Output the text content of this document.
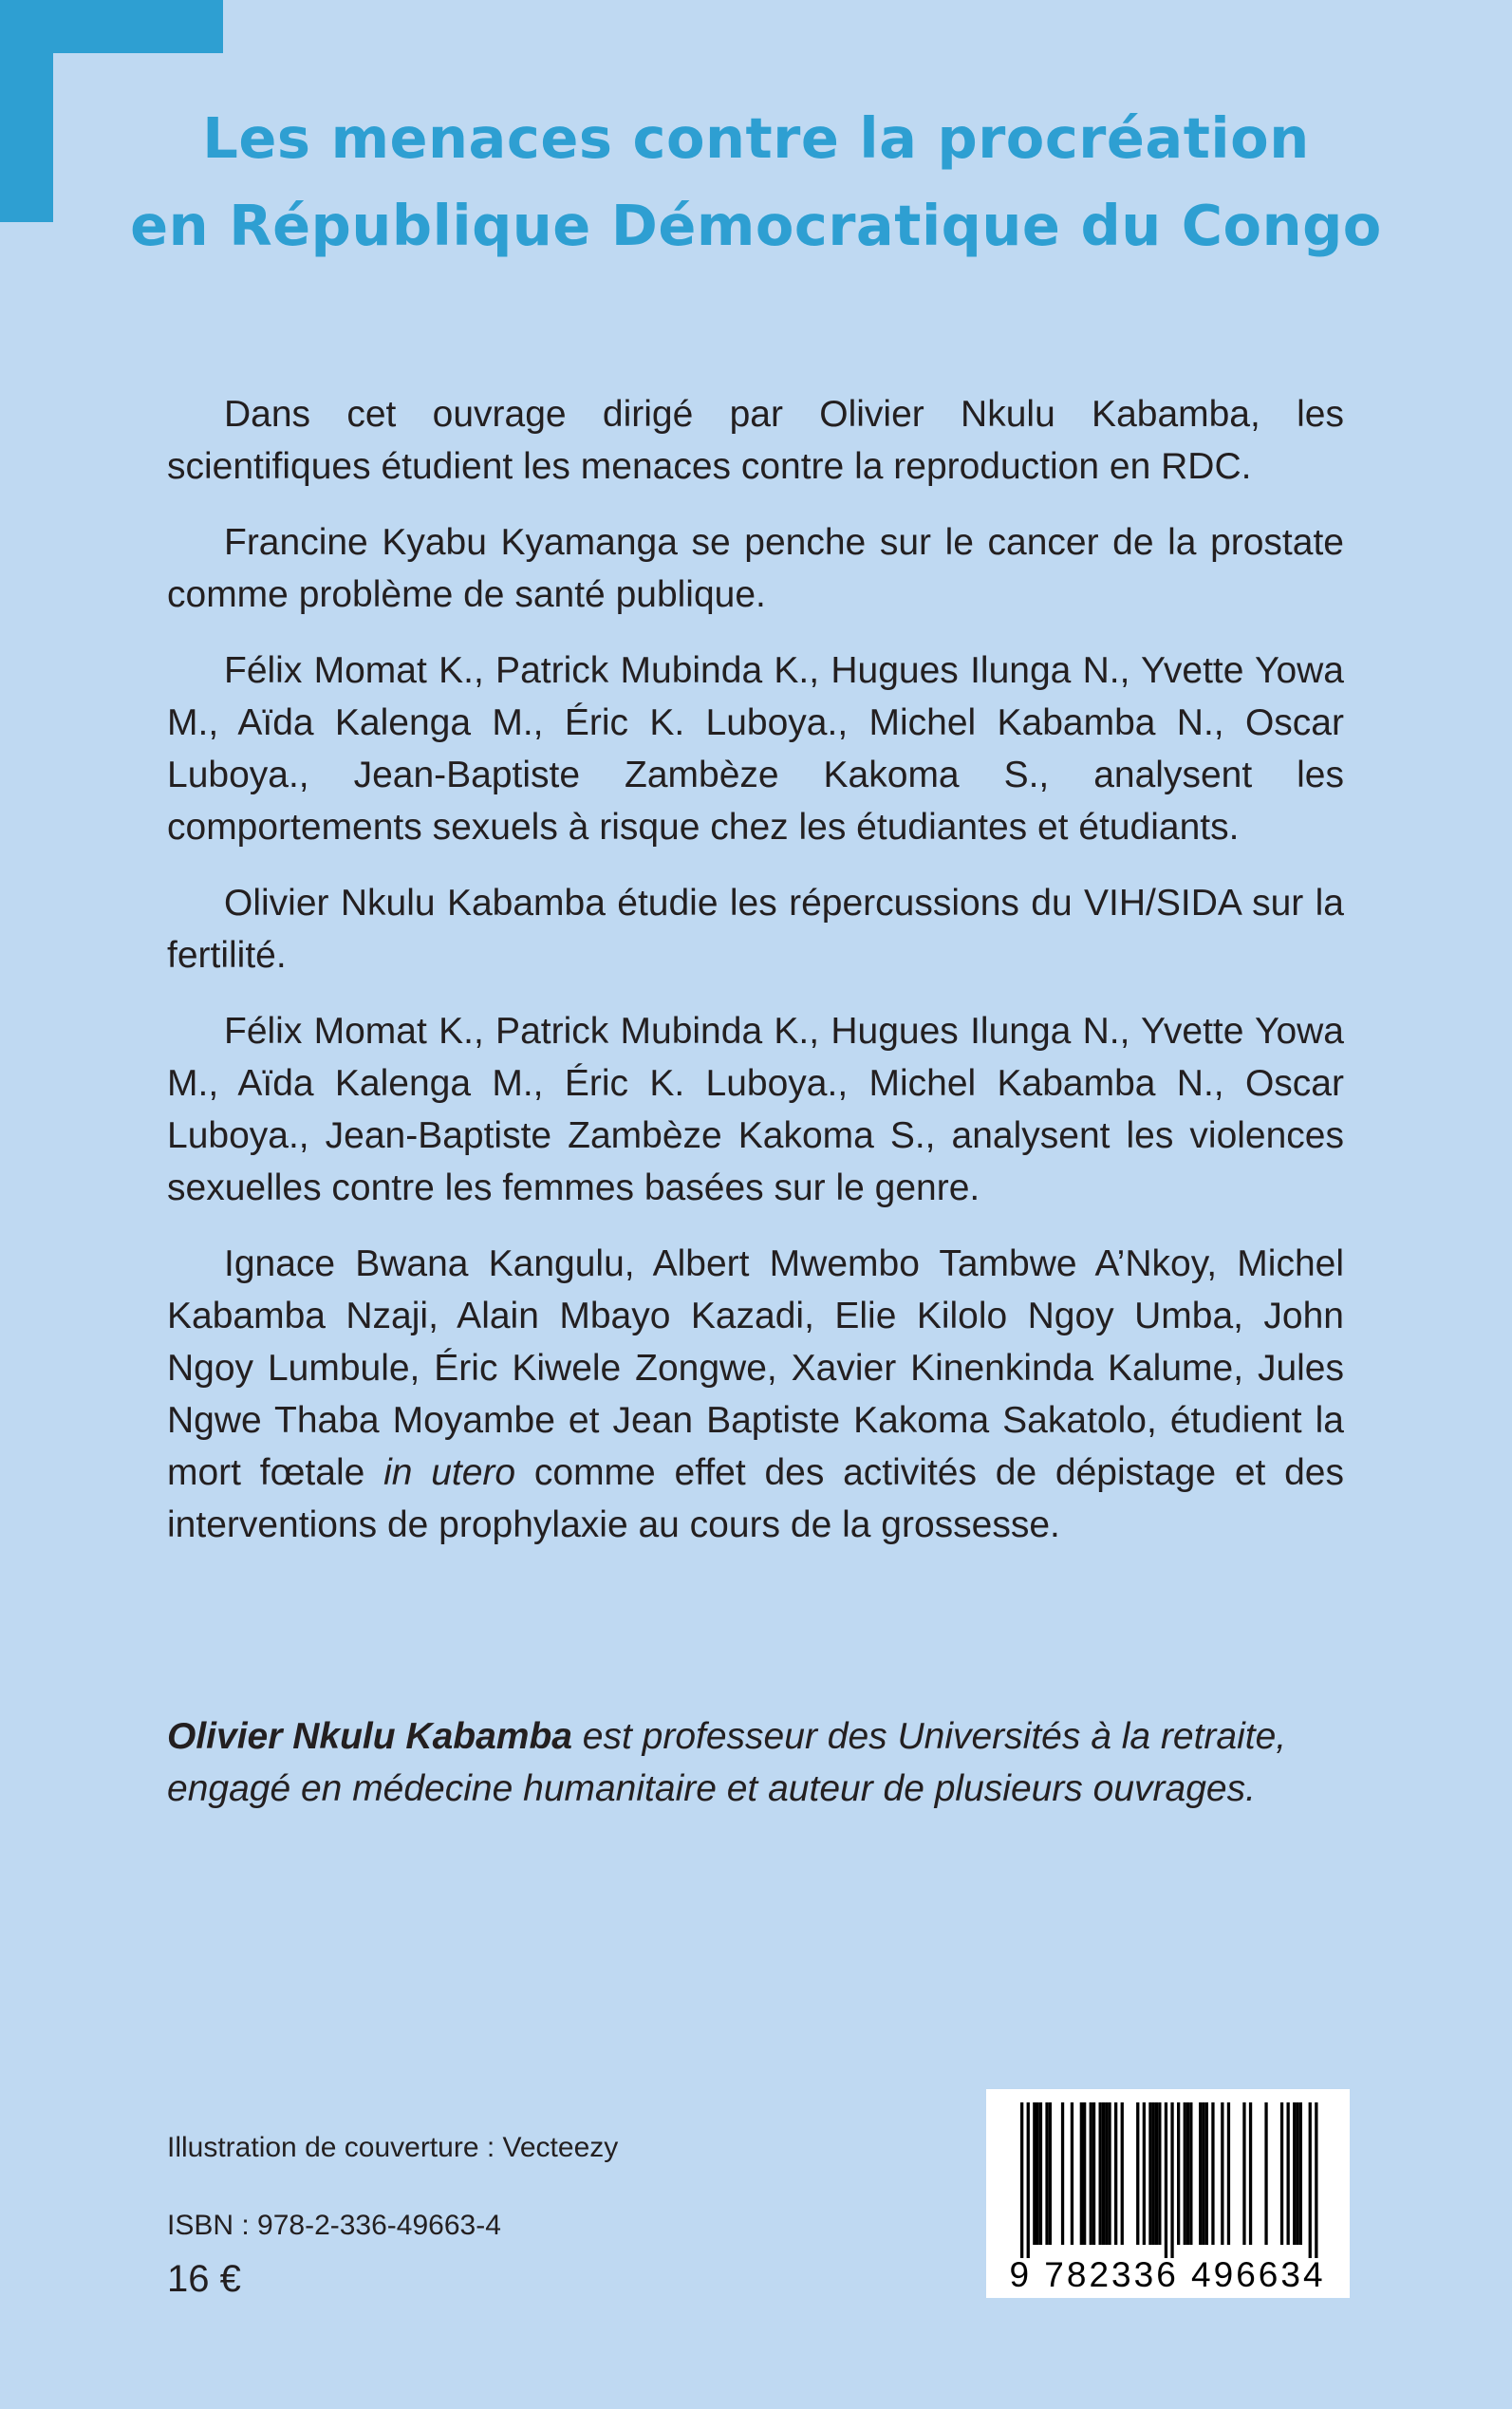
Les menaces contre la procréation
en République Démocratique du Congo

Dans cet ouvrage dirigé par Olivier Nkulu Kabamba, les scientifiques étudient les menaces contre la reproduction en RDC.

Francine Kyabu Kyamanga se penche sur le cancer de la prostate comme problème de santé publique.

Félix Momat K., Patrick Mubinda K., Hugues Ilunga N., Yvette Yowa M., Aïda Kalenga M., Éric K. Luboya., Michel Kabamba N., Oscar Luboya., Jean-Baptiste Zambèze Kakoma S., analysent les comportements sexuels à risque chez les étudiantes et étudiants.

Olivier Nkulu Kabamba étudie les répercussions du VIH/SIDA sur la fertilité.

Félix Momat K., Patrick Mubinda K., Hugues Ilunga N., Yvette Yowa M., Aïda Kalenga M., Éric K. Luboya., Michel Kabamba N., Oscar Luboya., Jean-Baptiste Zambèze Kakoma S., analysent les violences sexuelles contre les femmes basées sur le genre.

Ignace Bwana Kangulu, Albert Mwembo Tambwe A’Nkoy, Michel Kabamba Nzaji, Alain Mbayo Kazadi, Elie Kilolo Ngoy Umba, John Ngoy Lumbule, Éric Kiwele Zongwe, Xavier Kinenkinda Kalume, Jules Ngwe Thaba Moyambe et Jean Baptiste Kakoma Sakatolo, étudient la mort fœtale in utero comme effet des activités de dépistage et des interventions de prophylaxie au cours de la grossesse.

Olivier Nkulu Kabamba est professeur des Universités à la retraite, engagé en médecine humanitaire et auteur de plusieurs ouvrages.
Illustration de couverture : Vecteezy
ISBN : 978-2-336-49663-4
16 €	9 782336 496634
